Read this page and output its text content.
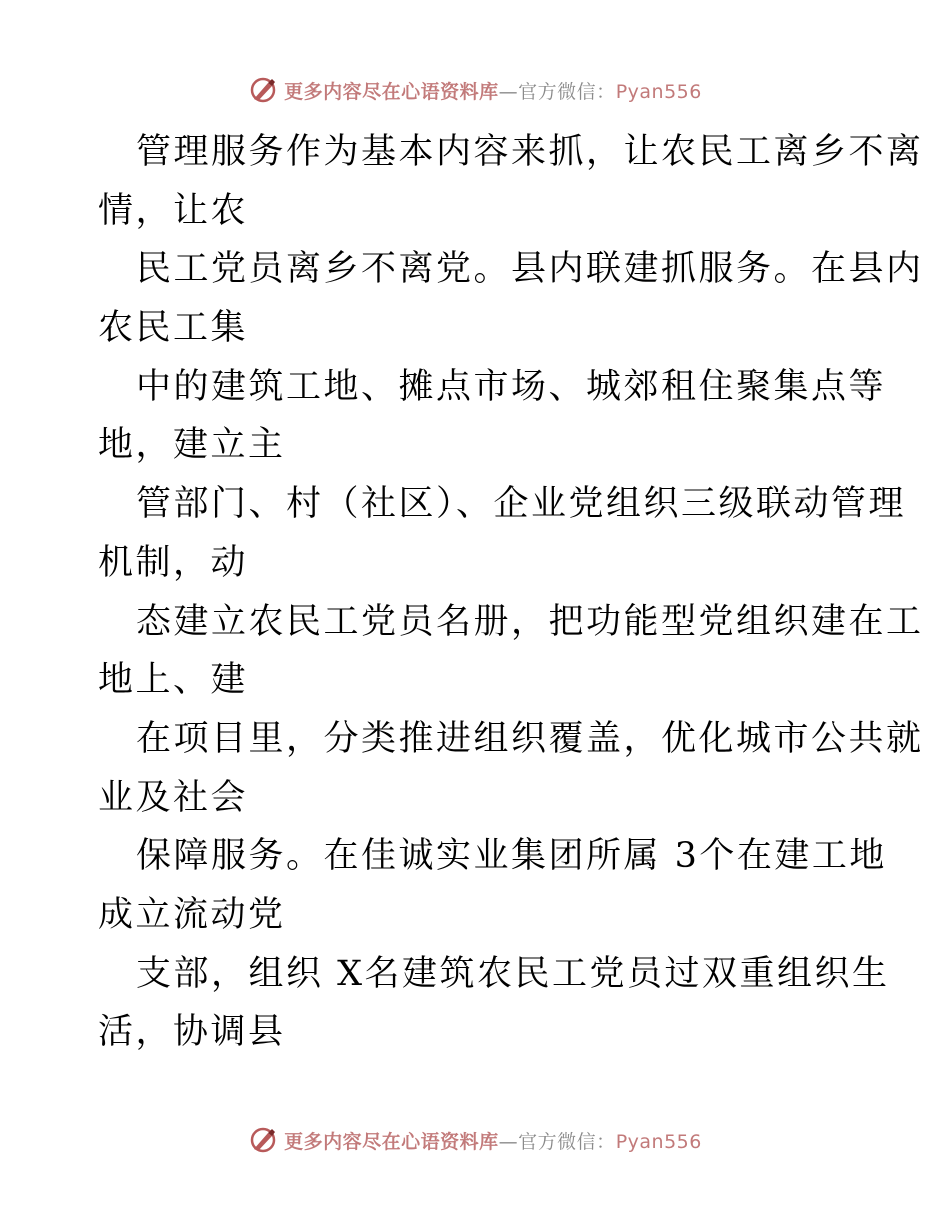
更多内容尽在心语资料库—官方微信：Pyan556
管理服务作为基本内容来抓，让农民工离乡不离
情，让农
民工党员离乡不离党。县内联建抓服务。在县内
农民工集
中的建筑工地、摊点市场、城郊租住聚集点等
地，建立主
管部门、村（社区）、企业党组织三级联动管理
机制，动
态建立农民工党员名册，把功能型党组织建在工
地上、建
在项目里，分类推进组织覆盖，优化城市公共就
业及社会
保障服务。在佳诚实业集团所属 3个在建工地
成立流动党
支部，组织 X名建筑农民工党员过双重组织生
活，协调县
更多内容尽在心语资料库—官方微信：Pyan556
